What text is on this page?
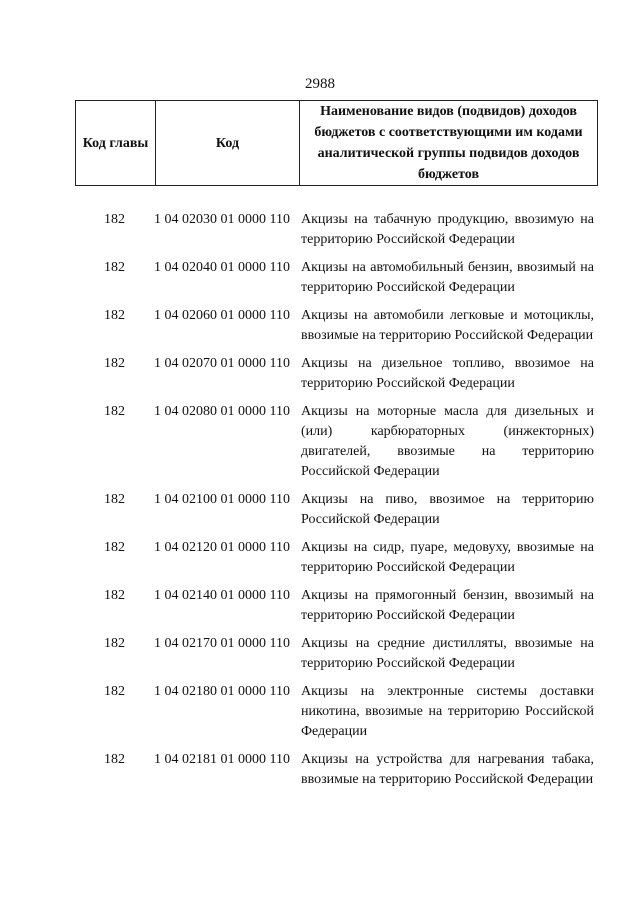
2988
Код главы	Код	Наименование видов (подвидов) доходов бюджетов с соответствующими им кодами аналитической группы подвидов доходов бюджетов
182	1 04 02030 01 0000 110 Акцизы на табачную продукцию, ввозимую на территорию Российской Федерации
182	1 04 02040 01 0000 110 Акцизы на автомобильный бензин, ввозимый на территорию Российской Федерации
182	1 04 02060 01 0000 110 Акцизы на автомобили легковые и мотоциклы, ввозимые на территорию Российской Федерации
182	1 04 02070 01 0000 110 Акцизы на дизельное топливо, ввозимое на территорию Российской Федерации
182	1 04 02080 01 0000 110 Акцизы на моторные масла для дизельных и (или) карбюраторных (инжекторных) двигателей, ввозимые на территорию Российской Федерации
182	1 04 02100 01 0000 110 Акцизы на пиво, ввозимое на территорию Российской Федерации
182	1 04 02120 01 0000 110 Акцизы на сидр, пуаре, медовуху, ввозимые на территорию Российской Федерации
182	1 04 02140 01 0000 110 Акцизы на прямогонный бензин, ввозимый на территорию Российской Федерации
182	1 04 02170 01 0000 110 Акцизы на средние дистилляты, ввозимые на территорию Российской Федерации
182	1 04 02180 01 0000 110 Акцизы на электронные системы доставки никотина, ввозимые на территорию Российской Федерации
182	1 04 02181 01 0000 110 Акцизы на устройства для нагревания табака, ввозимые на территорию Российской Федерации
